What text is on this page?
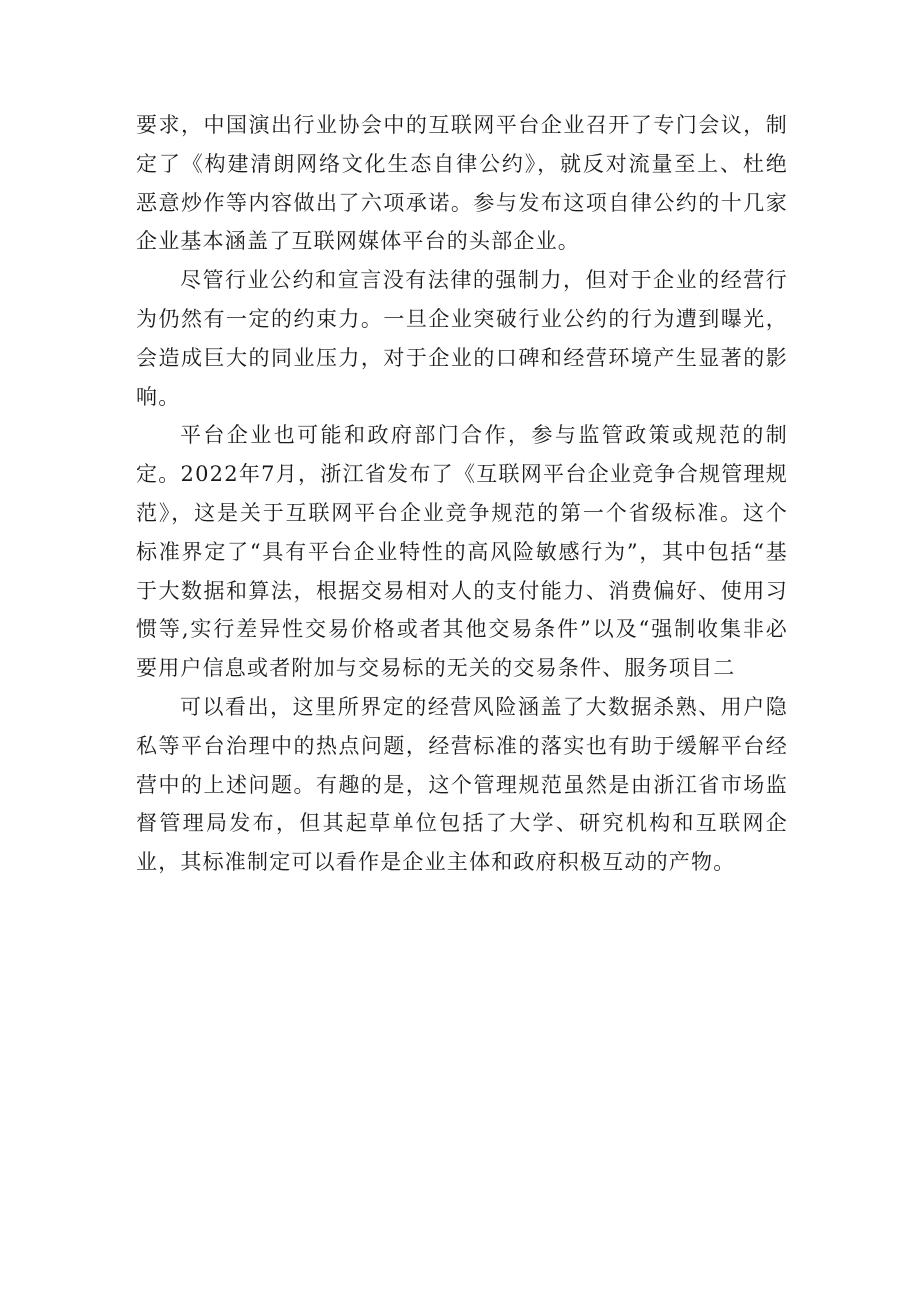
要求，中国演出行业协会中的互联网平台企业召开了专门会议，制定了《构建清朗网络文化生态自律公约》，就反对流量至上、杜绝恶意炒作等内容做出了六项承诺。参与发布这项自律公约的十几家企业基本涵盖了互联网媒体平台的头部企业。

尽管行业公约和宣言没有法律的强制力，但对于企业的经营行为仍然有一定的约束力。一旦企业突破行业公约的行为遭到曝光，会造成巨大的同业压力，对于企业的口碑和经营环境产生显著的影响。

平台企业也可能和政府部门合作，参与监管政策或规范的制定。2022年7月，浙江省发布了《互联网平台企业竞争合规管理规范》，这是关于互联网平台企业竞争规范的第一个省级标准。这个标准界定了“具有平台企业特性的高风险敏感行为”，其中包括“基于大数据和算法，根据交易相对人的支付能力、消费偏好、使用习惯等,实行差异性交易价格或者其他交易条件”以及“强制收集非必要用户信息或者附加与交易标的无关的交易条件、服务项目二

可以看出，这里所界定的经营风险涵盖了大数据杀熟、用户隐私等平台治理中的热点问题，经营标准的落实也有助于缓解平台经营中的上述问题。有趣的是，这个管理规范虽然是由浙江省市场监督管理局发布，但其起草单位包括了大学、研究机构和互联网企业，其标准制定可以看作是企业主体和政府积极互动的产物。
